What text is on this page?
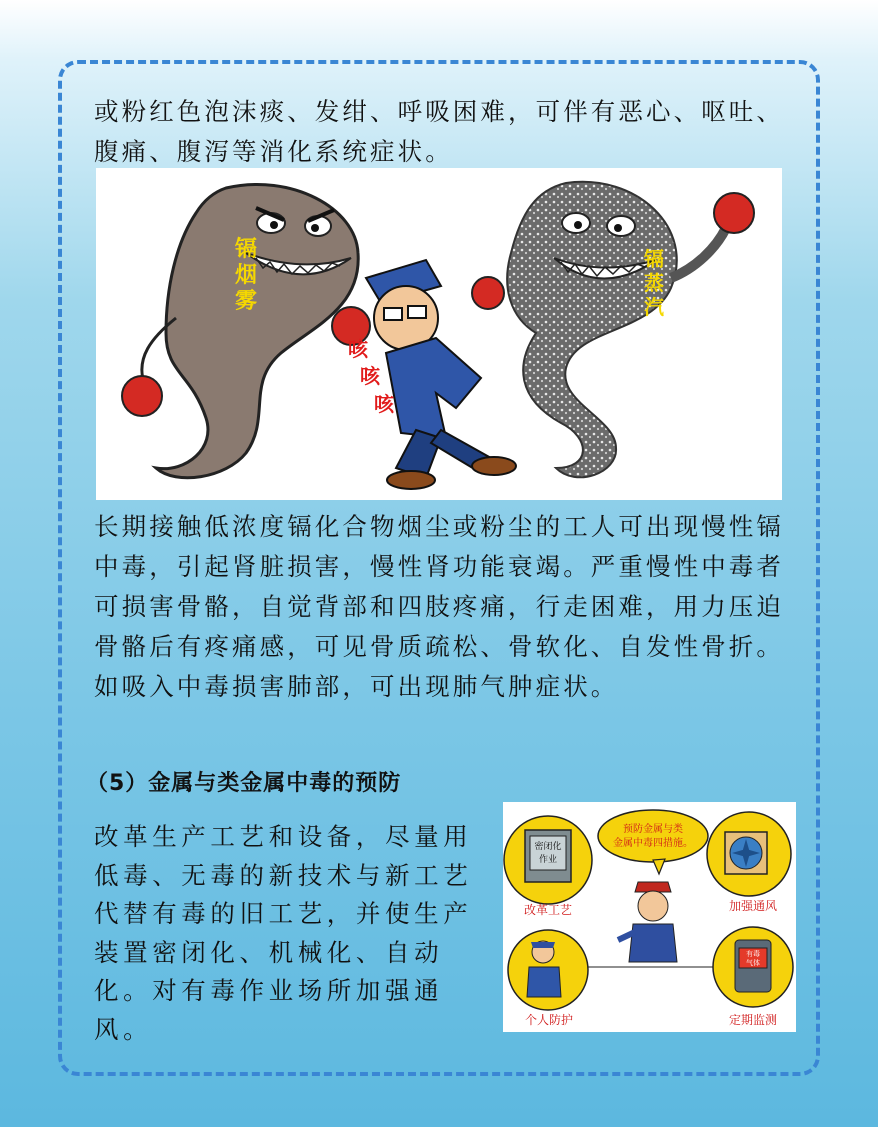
或粉红色泡沫痰、发绀、呼吸困难，可伴有恶心、呕吐、腹痛、腹泻等消化系统症状。

镉
烟
雾
镉
蒸
汽
咳
咳
咳

长期接触低浓度镉化合物烟尘或粉尘的工人可出现慢性镉中毒，引起肾脏损害，慢性肾功能衰竭。严重慢性中毒者可损害骨骼，自觉背部和四肢疼痛，行走困难，用力压迫骨骼后有疼痛感，可见骨质疏松、骨软化、自发性骨折。如吸入中毒损害肺部，可出现肺气肿症状。

（5）金属与类金属中毒的预防

改革生产工艺和设备，尽量用低毒、无毒的新技术与新工艺代替有毒的旧工艺，并使生产装置密闭化、机械化、自动化。对有毒作业场所加强通风。

密闭化
作业
改革工艺	加强通风
预防金属与类
金属中毒四措施。
个人防护
有毒
气体
定期监测
